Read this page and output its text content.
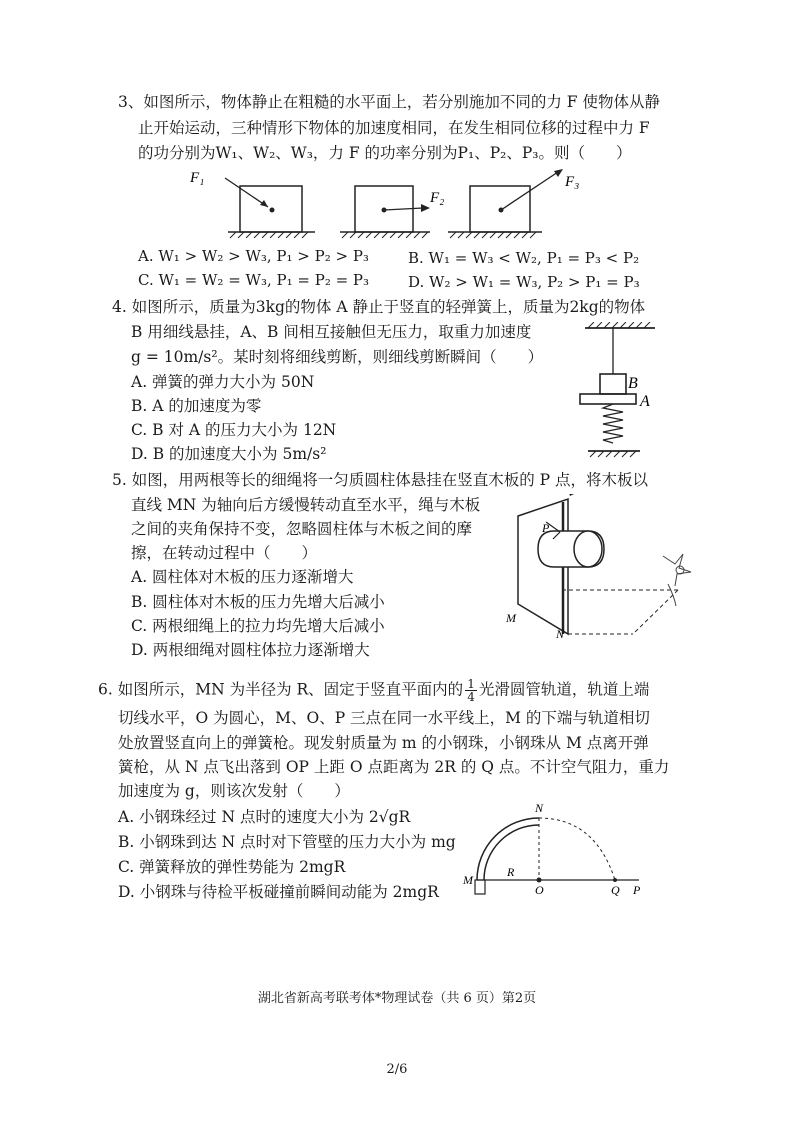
3、如图所示，物体静止在粗糙的水平面上，若分别施加不同的力 F 使物体从静
止开始运动，三种情形下物体的加速度相同，在发生相同位移的过程中力 F
的功分别为W₁、W₂、W₃，力 F 的功率分别为P₁、P₂、P₃。则（　　）
F₁
F₂
F₃
A. W₁ > W₂ > W₃, P₁ > P₂ > P₃	B. W₁ = W₃ < W₂, P₁ = P₃ < P₂
C. W₁ = W₂ = W₃, P₁ = P₂ = P₃	D. W₂ > W₁ = W₃, P₂ > P₁ = P₃
4. 如图所示，质量为3kg的物体 A 静止于竖直的轻弹簧上，质量为2kg的物体
B 用细线悬挂，A、B 间相互接触但无压力，取重力加速度
g = 10m/s²。某时刻将细线剪断，则细线剪断瞬间（　　）
A. 弹簧的弹力大小为 50N
B. A 的加速度为零
C. B 对 A 的压力大小为 12N
D. B 的加速度大小为 5m/s²
B
A
5. 如图，用两根等长的细绳将一匀质圆柱体悬挂在竖直木板的 P 点，将木板以
直线 MN 为轴向后方缓慢转动直至水平，绳与木板
之间的夹角保持不变，忽略圆柱体与木板之间的摩
擦，在转动过程中（　　）
A. 圆柱体对木板的压力逐渐增大
B. 圆柱体对木板的压力先增大后减小
C. 两根细绳上的拉力均先增大后减小
D. 两根细绳对圆柱体拉力逐渐增大
P
M
N
6. 如图所示，MN 为半径为 R、固定于竖直平面内的 $\frac{1}{4}$ 光滑圆管轨道，轨道上端
切线水平，O 为圆心，M、O、P 三点在同一水平线上，M 的下端与轨道相切
处放置竖直向上的弹簧枪。现发射质量为 m 的小钢珠，小钢珠从 M 点离开弹
簧枪，从 N 点飞出落到 OP 上距 O 点距离为 2R 的 Q 点。不计空气阻力，重力
加速度为 g，则该次发射（　　）
A. 小钢珠经过 N 点时的速度大小为 2√gR
B. 小钢珠到达 N 点时对下管壁的压力大小为 mg
C. 弹簧释放的弹性势能为 2mgR
D. 小钢珠与待检平板碰撞前瞬间动能为 2mgR
N
M
R
O	Q P
湖北省新高考联考体*物理试卷（共 6 页）第2页
2/6
